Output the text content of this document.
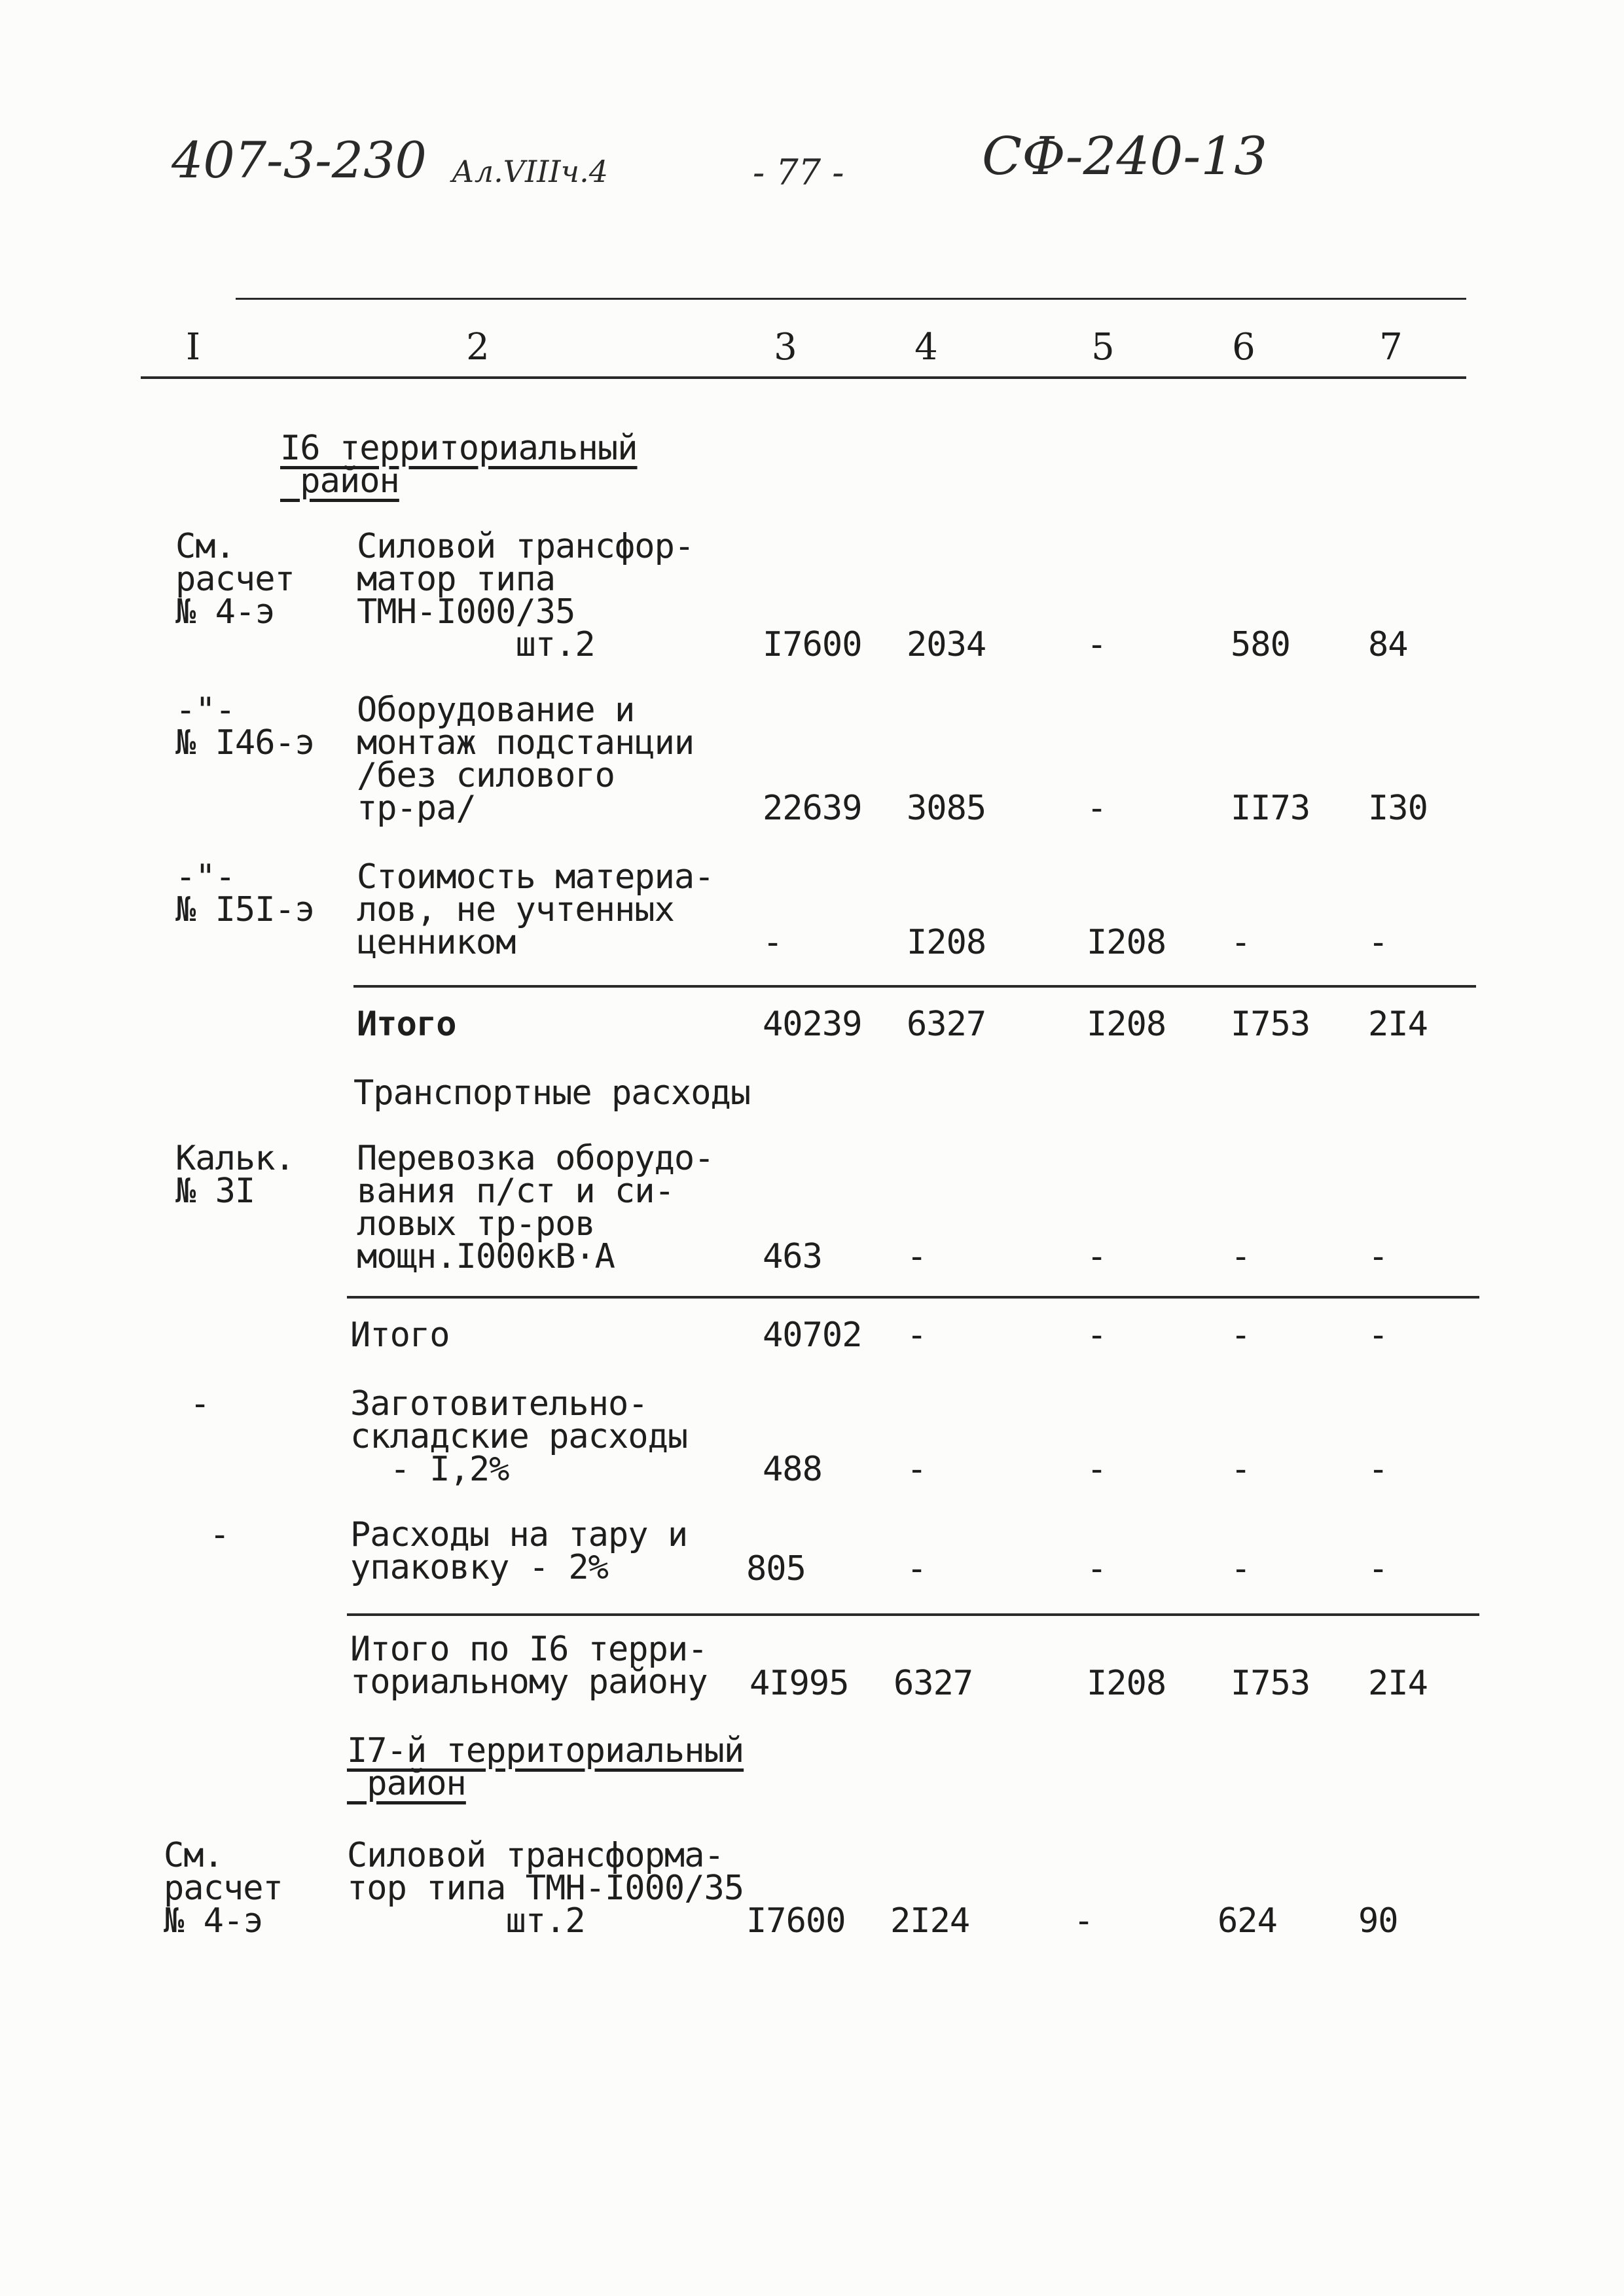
407-3-230 Ал.VIIIч.4	- 77 -	СФ-240-13
I	2	3	4	5	6	7
I6 территориальный
район
См.
расчет
№ 4-э
Силовой трансфор-
матор типа
ТМН-I000/35
шт.2	I7600 2034	-	580 84
-"-
№ I46-э
Оборудование и
монтаж подстанции
/без силового
тр-ра/	22639 3085	-	II73 I30
-"-
№ I5I-э
Стоимость материа-
лов, не учтенных
ценником	-	I208	I208 -	-
Итого	40239 6327	I208 I753 2I4
Транспортные расходы
Кальк.
№ 3I
Перевозка оборудо-
вания п/ст и си-
ловых тр-ров
мощн.I000кВ·А	463 -	-	-	-
Итого	40702 -	-	-	-
-	Заготовительно-
складские расходы
- I,2%	488 -	-	-	-
-	Расходы на тару и
упаковку - 2%	805	-	-	-	-
Итого по I6 терри-
ториальному району 4I995 6327	I208 I753 2I4
I7-й территориальный
район
См.
расчет
№ 4-э
Силовой трансформа-
тор типа ТМН-I000/35
шт.2	I7600 2I24	-	624 90
